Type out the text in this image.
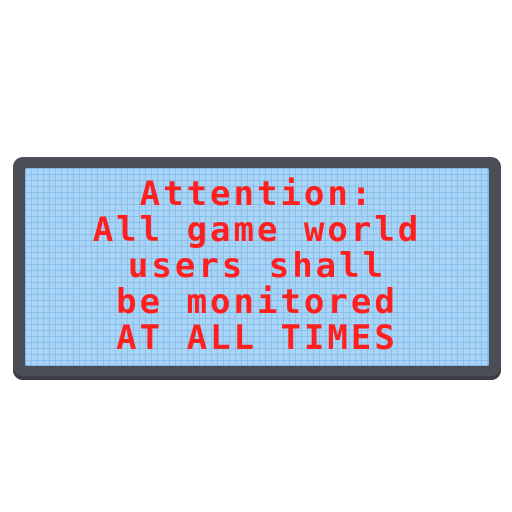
Attention:
All game world
users shall
be monitored
AT ALL TIMES
